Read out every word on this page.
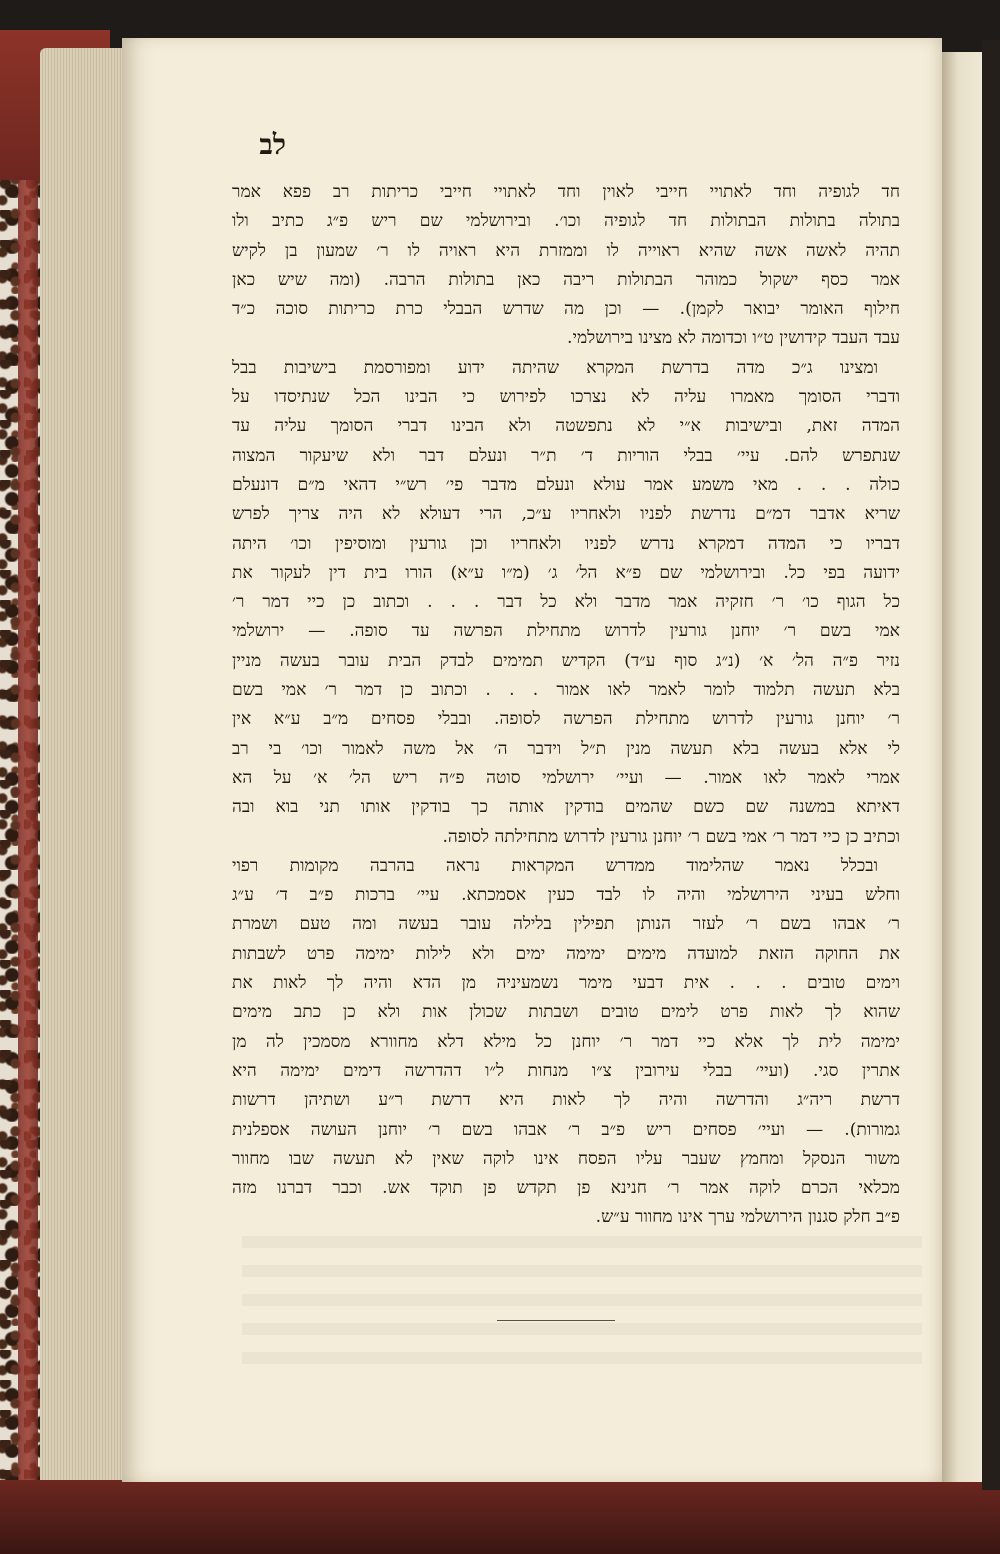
לב
חד לגופיה וחד לאתויי חייבי לאוין וחד לאתויי חייבי כריתות רב פפא אמר
בתולה בתולות הבתולות חד לגופיה וכו׳. ובירושלמי שם ריש פ״ג כתיב ולו
תהיה לאשה אשה שהיא ראוייה לו וממזרת היא ראויה לו ר׳ שמעון בן לקיש
אמר כסף ישקול כמוהר הבתולות ריבה כאן בתולות הרבה. (ומה שיש כאן
חילוף האומר יבואר לקמן). — וכן מה שדרש הבבלי כרת כריתות סוכה כ״ד
עבד העבד קידושין ט״ו וכדומה לא מצינו בירושלמי.
ומצינו ג״כ מדה בדרשת המקרא שהיתה ידוע ומפורסמת בישיבות בבל
ודברי הסומך מאמרו עליה לא נצרכו לפירוש כי הבינו הכל שנתיסדו על
המדה זאת, ובישיבות א״י לא נתפשטה ולא הבינו דברי הסומך עליה עד
שנתפרש להם. עיי׳ בבלי הוריות ד׳ ת״ר ונעלם דבר ולא שיעקור המצוה
כולה . . . מאי משמע אמר עולא ונעלם מדבר פי׳ רש״י דהאי מ״ם דונעלם
שריא אדבר דמ״ם נדרשת לפניו ולאחריו ע״כ, הרי דעולא לא היה צריך לפרש
דבריו כי המדה דמקרא נדרש לפניו ולאחריו וכן גורעין ומוסיפין וכו׳ היתה
ידועה בפי כל. ובירושלמי שם פ״א הל׳ ג׳ (מ״ו ע״א) הורו בית דין לעקור את
כל הגוף כו׳ ר׳ חזקיה אמר מדבר ולא כל דבר . . . וכתוב כן כיי דמר ר׳
אמי בשם ר׳ יוחנן גורעין לדרוש מתחילת הפרשה עד סופה. — ירושלמי
נזיר פ״ה הל׳ א׳ (נ״ג סוף ע״ד) הקדיש תמימים לבדק הבית עובר בעשה מניין
בלא תעשה תלמוד לומר לאמר לאו אמור . . . וכתוב כן דמר ר׳ אמי בשם
ר׳ יוחנן גורעין לדרוש מתחילת הפרשה לסופה. ובבלי פסחים מ״ב ע״א אין
לי אלא בעשה בלא תעשה מנין ת״ל וידבר ה׳ אל משה לאמור וכו׳ בי רב
אמרי לאמר לאו אמור. — ועיי׳ ירושלמי סוטה פ״ה ריש הל׳ א׳ על הא
דאיתא במשנה שם כשם שהמים בודקין אותה כך בודקין אותו תני בוא ובה
וכתיב כן כיי דמר ר׳ אמי בשם ר׳ יוחנן גורעין לדרוש מתחילתה לסופה.
ובכלל נאמר שהלימוד ממדרש המקראות נראה בהרבה מקומות רפוי
וחלש בעיני הירושלמי והיה לו לבד כעין אסמכתא. עיי׳ ברכות פ״ב ד׳ ע״ג
ר׳ אבהו בשם ר׳ לעזר הנותן תפילין בלילה עובר בעשה ומה טעם ושמרת
את החוקה הזאת למועדה מימים ימימה ימים ולא לילות ימימה פרט לשבתות
וימים טובים . . . אית דבעי מימר נשמעיניה מן הדא והיה לך לאות את
שהוא לך לאות פרט לימים טובים ושבתות שכולן אות ולא כן כתב מימים
ימימה לית לך אלא כיי דמר ר׳ יוחנן כל מילא דלא מחוורא מסמכין לה מן
אתרין סגי. (ועיי׳ בבלי עירובין צ״ו מנחות ל״ו דהדרשה דימים ימימה היא
דרשת ריה״ג והדרשה והיה לך לאות היא דרשת ר״ע ושתיהן דרשות
גמורות). — ועיי׳ פסחים ריש פ״ב ר׳ אבהו בשם ר׳ יוחנן העושה אספלנית
משור הנסקל ומחמץ שעבר עליו הפסח אינו לוקה שאין לא תעשה שבו מחוור
מכלאי הכרם לוקה אמר ר׳ חנינא פן תקדש פן תוקד אש. וכבר דברנו מזה
פ״ב חלק סגנון הירושלמי ערך אינו מחוור ע״ש.
